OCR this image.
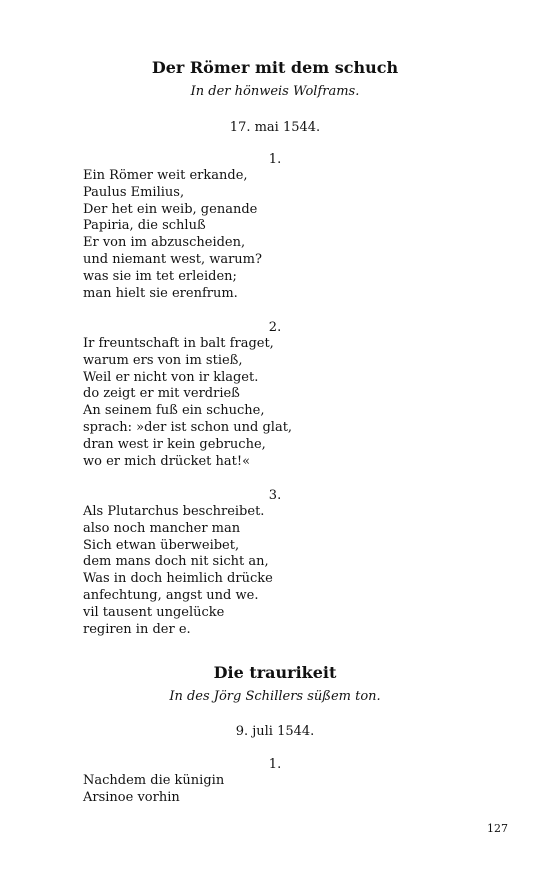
Der Römer mit dem schuch
In der hönweis Wolframs.
17. mai 1544.
1.
Ein Römer weit erkande,
Paulus Emilius,
Der het ein weib, genande
Papiria, die schluß
Er von im abzuscheiden,
und niemant west, warum?
was sie im tet erleiden;
man hielt sie erenfrum.
2.
Ir freuntschaft in balt fraget,
warum ers von im stieß,
Weil er nicht von ir klaget.
do zeigt er mit verdrieß
An seinem fuß ein schuche,
sprach: »der ist schon und glat,
dran west ir kein gebruche,
wo er mich drücket hat!«
3.
Als Plutarchus beschreibet.
also noch mancher man
Sich etwan überweibet,
dem mans doch nit sicht an,
Was in doch heimlich drücke
anfechtung, angst und we.
vil tausent ungelücke
regiren in der e.
Die traurikeit
In des Jörg Schillers süßem ton.
9. juli 1544.
1.
Nachdem die künigin
Arsinoe vorhin
127
